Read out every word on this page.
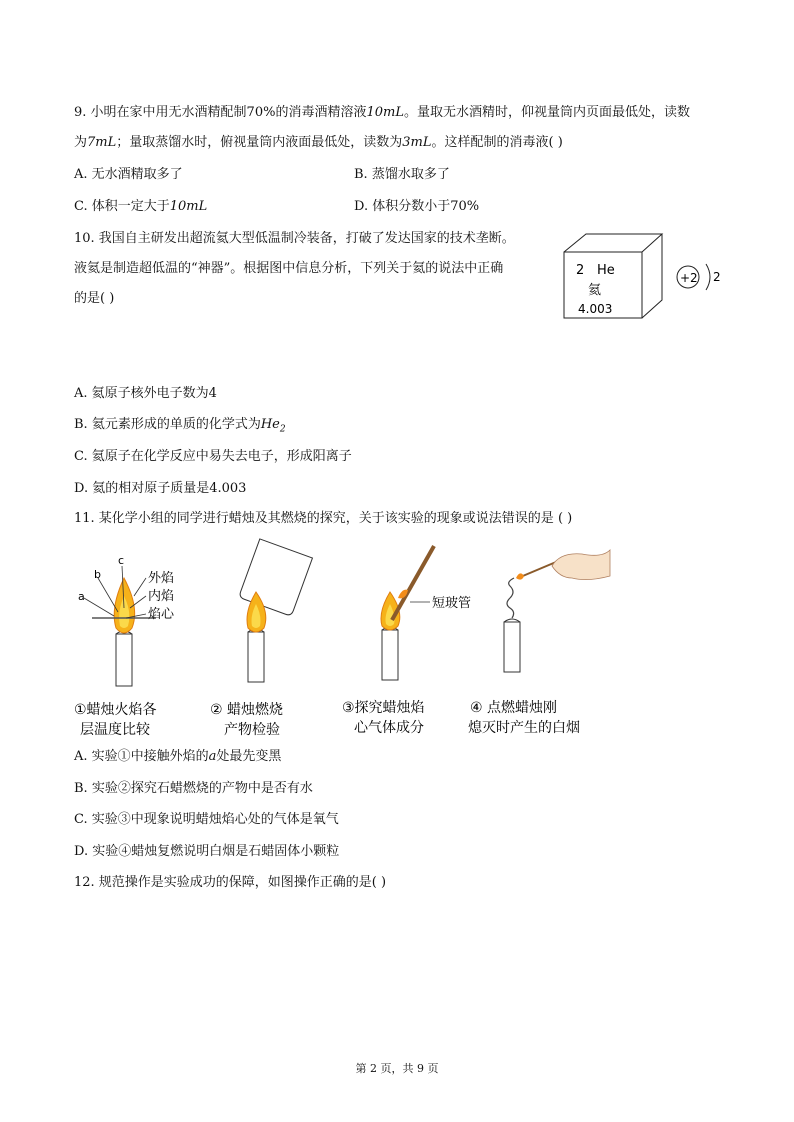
9. 小明在家中用无水酒精配制70%的消毒酒精溶液10mL。量取无水酒精时，仰视量筒内页面最低处，读数
为7mL；量取蒸馏水时，俯视量筒内液面最低处，读数为3mL。这样配制的消毒液( )
A. 无水酒精取多了	B. 蒸馏水取多了
C. 体积一定大于10mL	D. 体积分数小于70%
10. 我国自主研发出超流氦大型低温制冷装备，打破了发达国家的技术垄断。
液氦是制造超低温的“神器”。根据图中信息分析，下列关于氦的说法中正确
的是( )
2 He
氦
4.003
+2 2
A. 氦原子核外电子数为4
B. 氦元素形成的单质的化学式为$He_2$
C. 氦原子在化学反应中易失去电子，形成阳离子
D. 氦的相对原子质量是4.003
11. 某化学小组的同学进行蜡烛及其燃烧的探究，关于该实验的现象或说法错误的是 ( )
a
b
c
外焰
内焰
焰心
①蜡烛火焰各
层温度比较
② 蜡烛燃烧
产物检验
短玻管
③探究蜡烛焰
心气体成分
④ 点燃蜡烛刚
熄灭时产生的白烟
A. 实验①中接触外焰的a处最先变黑
B. 实验②探究石蜡燃烧的产物中是否有水
C. 实验③中现象说明蜡烛焰心处的气体是氧气
D. 实验④蜡烛复燃说明白烟是石蜡固体小颗粒
12. 规范操作是实验成功的保障，如图操作正确的是( )
第 2 页，共 9 页
